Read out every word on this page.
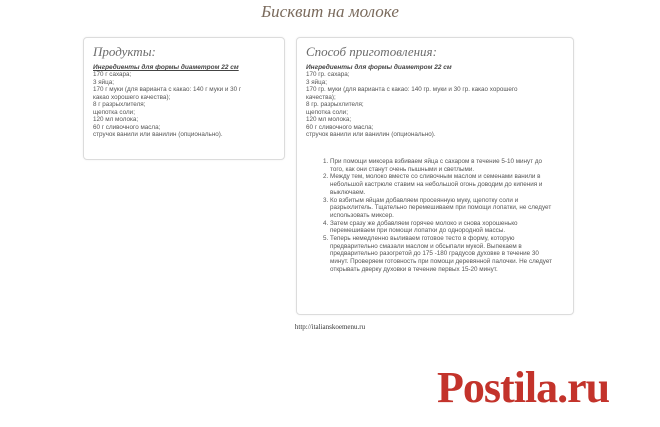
Бисквит на молоке
Продукты:
Ингредиенты для формы диаметром 22 см
170 г сахара;
3 яйца;
170 г муки (для варианта с какао: 140 г муки и 30 г какао хорошего качества);
8 г разрыхлителя;
щепотка соли;
120 мл молока;
60 г сливочного масла;
стручок ванили или ванилин (опционально).
Способ приготовления:
Ингредиенты для формы диаметром 22 см
170 гр. сахара;
3 яйца;
170 гр. муки (для варианта с какао: 140 гр. муки и 30 гр. какао хорошего качества);
8 гр. разрыхлителя;
щепотка соли;
120 мл молока;
60 г сливочного масла;
стручок ванили или ванилин (опционально).
1. При помощи миксера взбиваем яйца с сахаром в течение 5-10 минут до того, как они станут очень пышными и светлыми.
2. Между тем, молоко вместе со сливочным маслом и семенами ванили в небольшой кастрюле ставим на небольшой огонь доводим до кипения и выключаем.
3. Ко взбитым яйцам добавляем просеянную муку, щепотку соли и разрыхлитель. Тщательно перемешиваем при помощи лопатки, не следует использовать миксер.
4. Затем сразу же добавляем горячее молоко и снова хорошенько перемешиваем при помощи лопатки до однородной массы.
5. Теперь немедленно выливаем готовое тесто в форму, которую предварительно смазали маслом и обсыпали мукой. Выпекаем в предварительно разогретой до 175 -180 градусов духовке в течение 30 минут. Проверяем готовность при помощи деревянной палочки. Не следует открывать дверку духовки в течение первых 15-20 минут.
http://italianskoemenu.ru
Postila.ru
